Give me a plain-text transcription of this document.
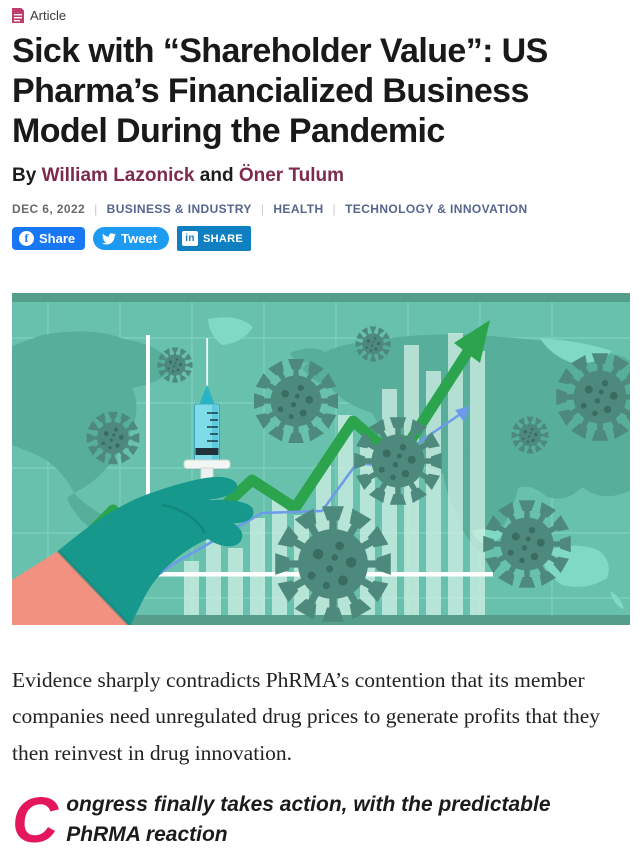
Article
Sick with “Shareholder Value”: US Pharma’s Financialized Business Model During the Pandemic

By William Lazonick and Öner Tulum

DEC 6, 2022 | BUSINESS & INDUSTRY | HEALTH | TECHNOLOGY & INNOVATION
f Share	Tweet	in SHARE

Evidence sharply contradicts PhRMA’s contention that its member companies need unregulated drug prices to generate profits that they then reinvest in drug innovation.

Congress finally takes action, with the predictable PhRMA reaction
